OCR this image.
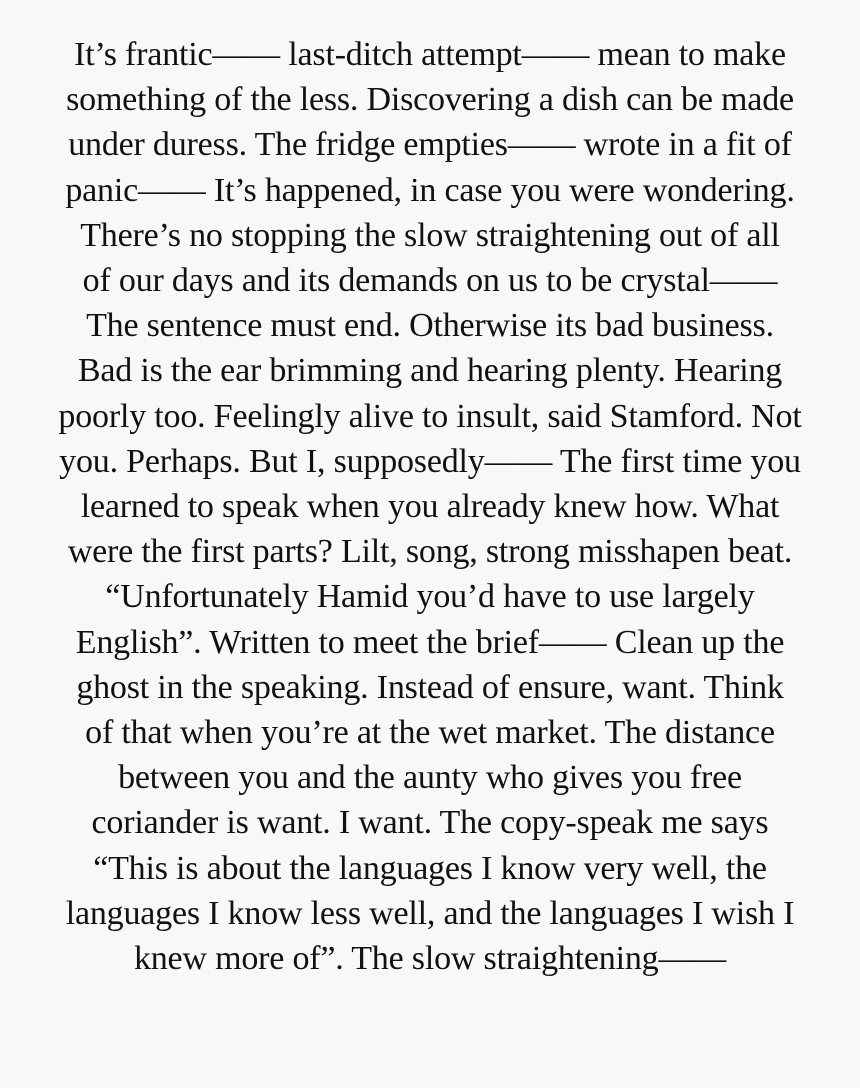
It’s frantic—— last-ditch attempt—— mean to make
something of the less. Discovering a dish can be made
under duress. The fridge empties—— wrote in a fit of
panic—— It’s happened, in case you were wondering.
There’s no stopping the slow straightening out of all
of our days and its demands on us to be crystal——
The sentence must end. Otherwise its bad business.
Bad is the ear brimming and hearing plenty. Hearing
poorly too. Feelingly alive to insult, said Stamford. Not
you. Perhaps. But I, supposedly—— The first time you
learned to speak when you already knew how. What
were the first parts? Lilt, song, strong misshapen beat.
“Unfortunately Hamid you’d have to use largely
English”. Written to meet the brief—— Clean up the
ghost in the speaking. Instead of ensure, want. Think
of that when you’re at the wet market. The distance
between you and the aunty who gives you free
coriander is want. I want. The copy-speak me says
“This is about the languages I know very well, the
languages I know less well, and the languages I wish I
knew more of”. The slow straightening——
